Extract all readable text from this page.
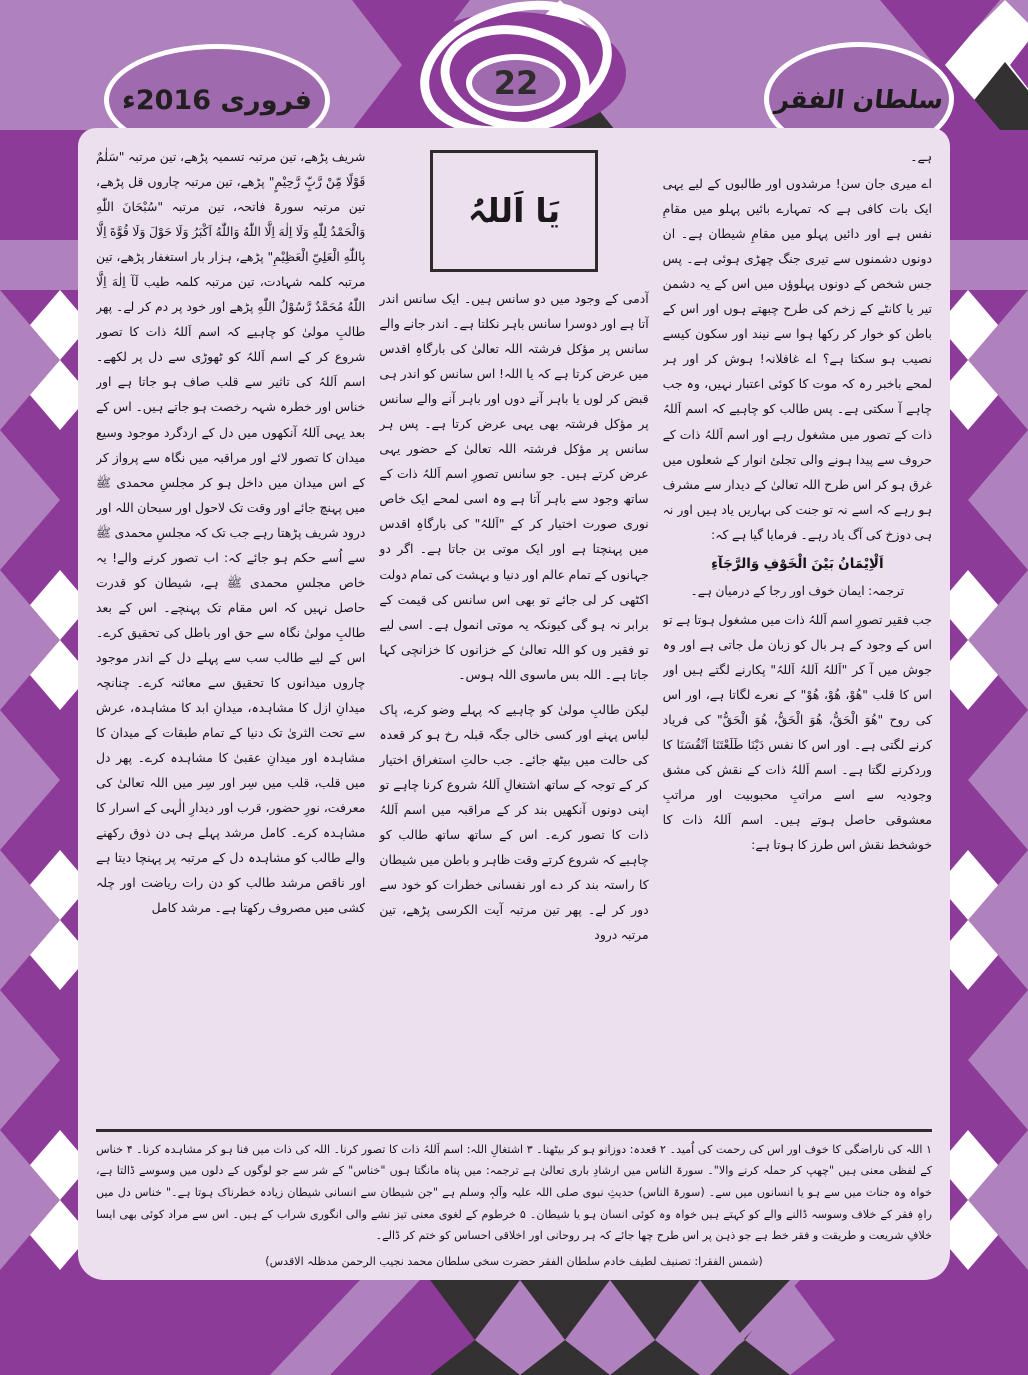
فروری 2016ء	سلطان الفقر
22

ہے۔

اے میری جان سن! مرشدوں اور طالبوں کے لیے یہی ایک بات کافی ہے کہ تمہارے بائیں پہلو میں مقامِ نفس ہے اور دائیں پہلو میں مقامِ شیطان ہے۔ ان دونوں دشمنوں سے تیری جنگ چھڑی ہوئی ہے۔ پس جس شخص کے دونوں پہلوؤں میں اس کے یہ دشمن تیر یا کانٹے کے زخم کی طرح چبھتے ہوں اور اس کے باطن کو خوار کر رکھا ہوا سے نیند اور سکون کیسے نصیب ہو سکتا ہے؟ اے غافلانہ! ہوش کر اور ہر لمحے باخبر رہ کہ موت کا کوئی اعتبار نہیں، وہ جب چاہے آ سکتی ہے۔ پس طالب کو چاہیے کہ اسم اَللہُ ذات کے تصور میں مشغول رہے اور اسم اَللہُ ذات کے حروف سے پیدا ہونے والی تجلئ انوار کے شعلوں میں غرق ہو کر اس طرح اللہ تعالیٰ کے دیدار سے مشرف ہو رہے کہ اسے نہ تو جنت کی بہاریں یاد ہیں اور نہ ہی دوزخ کی آگ یاد رہے۔ فرمایا گیا ہے کہ:

اَلْاِیْمَانُ بَیْنَ الْخَوْفِ وَالرَّجَآءِ
ترجمہ: ایمان خوف اور رجا کے درمیان ہے۔

جب فقیر تصورِ اسم اَللہُ ذات میں مشغول ہوتا ہے تو اس کے وجود کے ہر بال کو زبان مل جاتی ہے اور وہ جوش میں آ کر "اَللہُ اَللہُ اَللہُ" پکارنے لگتے ہیں اور اس کا قلب "ھُوْ، ھُوْ، ھُوْ" کے نعرے لگاتا ہے، اور اس کی روح "ھُوَ الْحَقُّ، ھُوَ الْحَقُّ، ھُوَ الْحَقُّ" کی فریاد کرنے لگتی ہے۔ اور اس کا نفس دَیْنَا طَلَعْتَنَا اَنْفُسَنَا کا وردکرنے لگتا ہے۔ اسم اَللہُ ذات کے نقش کی مشق وجودیہ سے اسے مراتبِ محبوبیت اور مراتبِ معشوقی حاصل ہوتے ہیں۔ اسم اَللہُ ذات کا خوشخط نقش اس طرز کا ہوتا ہے:

یَا اَللہُ

آدمی کے وجود میں دو سانس ہیں۔ ایک سانس اندر آتا ہے اور دوسرا سانس باہر نکلتا ہے۔ اندر جانے والے سانس پر مؤکل فرشتہ اللہ تعالیٰ کی بارگاہِ اقدس میں عرض کرتا ہے کہ یا اللہ! اس سانس کو اندر ہی قبض کر لوں یا باہر آنے دوں اور باہر آنے والے سانس پر مؤکل فرشتہ بھی یہی عرض کرتا ہے۔ پس ہر سانس پر مؤکل فرشتہ اللہ تعالیٰ کے حضور یہی عرض کرتے ہیں۔ جو سانس تصورِ اسم اَللہُ ذات کے ساتھ وجود سے باہر آتا ہے وہ اسی لمحے ایک خاص نوری صورت اختیار کر کے "اَللہُ" کی بارگاہِ اقدس میں پہنچتا ہے اور ایک موتی بن جاتا ہے۔ اگر دو جہانوں کے تمام عالم اور دنیا و بہشت کی تمام دولت اکٹھی کر لی جائے تو بھی اس سانس کی قیمت کے برابر نہ ہو گی کیونکہ یہ موتی انمول ہے۔ اسی لیے تو فقیر وں کو اللہ تعالیٰ کے خزانوں کا خزانچی کہا جاتا ہے۔ اللہ بس ماسوی اللہ ہوس۔

لیکن طالبِ مولیٰ کو چاہیے کہ پہلے وضو کرے، پاک لباس پہنے اور کسی خالی جگہ قبلہ رخ ہو کر قعدہ کی حالت میں بیٹھ جائے۔ جب حالتِ استغراق اختیار کر کے توجہ کے ساتھ اشتغالِ اَللہُ شروع کرنا چاہے تو اپنی دونوں آنکھیں بند کر کے مراقبہ میں اسم اَللہُ ذات کا تصور کرے۔ اس کے ساتھ ساتھ طالب کو چاہیے کہ شروع کرتے وقت ظاہر و باطن میں شیطان کا راستہ بند کر دے اور نفسانی خطرات کو خود سے دور کر لے۔ پھر تین مرتبہ آیت الکرسی پڑھے، تین مرتبہ درود

شریف پڑھے، تین مرتبہ تسمیہ پڑھے، تین مرتبہ "سَلٰمٌ قَوْلًا مِّنْ رَّبٍّ رَّحِیْمٍ" پڑھے، تین مرتبہ چاروں قل پڑھے، تین مرتبہ سورۃ فاتحہ، تین مرتبہ "سُبْحَانَ اللّٰهِ وَالْحَمْدُ لِلّٰهِ وَلَا اِلٰهَ اِلَّا اللّٰهُ وَاللّٰهُ اَکْبَرُ وَلَا حَوْلَ وَلَا قُوَّةَ اِلَّا بِاللّٰهِ الْعَلِیِّ الْعَظِیْمِ" پڑھے، ہزار بار استغفار پڑھے، تین مرتبہ کلمہ شہادت، تین مرتبہ کلمہ طیب لَآ اِلٰهَ اِلَّا اللّٰهُ مُحَمَّدٌ رَّسُوْلُ اللّٰهِ پڑھے اور خود پر دم کر لے۔ پھر طالبِ مولیٰ کو چاہیے کہ اسم اَللہُ ذات کا تصور شروع کر کے اسم اَللہُ کو ٹھوڑی سے دل پر لکھے۔ اسم اَللہُ کی تاثیر سے قلب صاف ہو جاتا ہے اور خناس اور خطرہ شہہ رخصت ہو جاتے ہیں۔ اس کے بعد یہی اَللہُ آنکھوں میں دل کے اردگرد موجود وسیع میدان کا تصور لائے اور مراقبہ میں نگاہ سے پرواز کر کے اس میدان میں داخل ہو کر مجلسِ محمدی ﷺ میں پہنچ جائے اور وقت تک لاحول اور سبحان اللہ اور درود شریف پڑھتا رہے جب تک کہ مجلسِ محمدی ﷺ سے اُسے حکم ہو جائے کہ: اب تصور کرنے والے! یہ خاص مجلسِ محمدی ﷺ ہے، شیطان کو قدرت حاصل نہیں کہ اس مقام تک پہنچے۔ اس کے بعد طالبِ مولیٰ نگاہ سے حق اور باطل کی تحقیق کرے۔ اس کے لیے طالب سب سے پہلے دل کے اندر موجود چاروں میدانوں کا تحقیق سے معائنہ کرے۔ چنانچہ میدانِ ازل کا مشاہدہ، میدانِ ابد کا مشاہدہ، عرش سے تحت الثریٰ تک دنیا کے تمام طبقات کے میدان کا مشاہدہ اور میدانِ عقبیٰ کا مشاہدہ کرے۔ پھر دل میں قلب، قلب میں سِر اور سِر میں اللہ تعالیٰ کی معرفت، نورِ حضور، قرب اور دیدارِ الٰہی کے اسرار کا مشاہدہ کرے۔ کامل مرشد پہلے ہی دن ذوق رکھنے والے طالب کو مشاہدہ دل کے مرتبہ پر پہنچا دیتا ہے اور ناقص مرشد طالب کو دن رات ریاضت اور چلہ کشی میں مصروف رکھتا ہے۔ مرشد کامل

۱ اللہ کی ناراضگی کا خوف اور اس کی رحمت کی اُمید۔ ۲ قعدہ: دوزانو ہو کر بیٹھنا۔ ۳ اشتغالِ اللہ: اسم اَللہُ ذات کا تصور کرنا۔ اللہ کی ذات میں فنا ہو کر مشاہدہ کرنا۔ ۴ خناس کے لفظی معنی ہیں "چھپ کر حملہ کرنے والا"۔ سورۃ الناس میں ارشادِ باری تعالیٰ ہے ترجمہ: میں پناہ مانگتا ہوں "خناس" کے شر سے جو لوگوں کے دلوں میں وسوسے ڈالتا ہے، خواہ وہ جنات میں سے ہو یا انسانوں میں سے۔ (سورۃ الناس) حدیثِ نبوی صلی اللہ علیہ وآلہٖ وسلم ہے "جن شیطان سے انسانی شیطان زیادہ خطرناک ہوتا ہے۔" خناس دل میں راہِ فقر کے خلاف وسوسہ ڈالنے والے کو کہتے ہیں خواہ وہ کوئی انسان ہو یا شیطان۔ ۵ خرطوم کے لغوی معنی تیز نشے والی انگوری شراب کے ہیں۔ اس سے مراد کوئی بھی ایسا خلافِ شریعت و طریقت و فقر خط ہے جو ذہن پر اس طرح چھا جائے کہ ہر روحانی اور اخلاقی احساس کو ختم کر ڈالے۔
(شمس الفقرا: تصنیف لطیف خادم سلطان الفقر حضرت سخی سلطان محمد نجیب الرحمن مدظلہ الاقدس)
